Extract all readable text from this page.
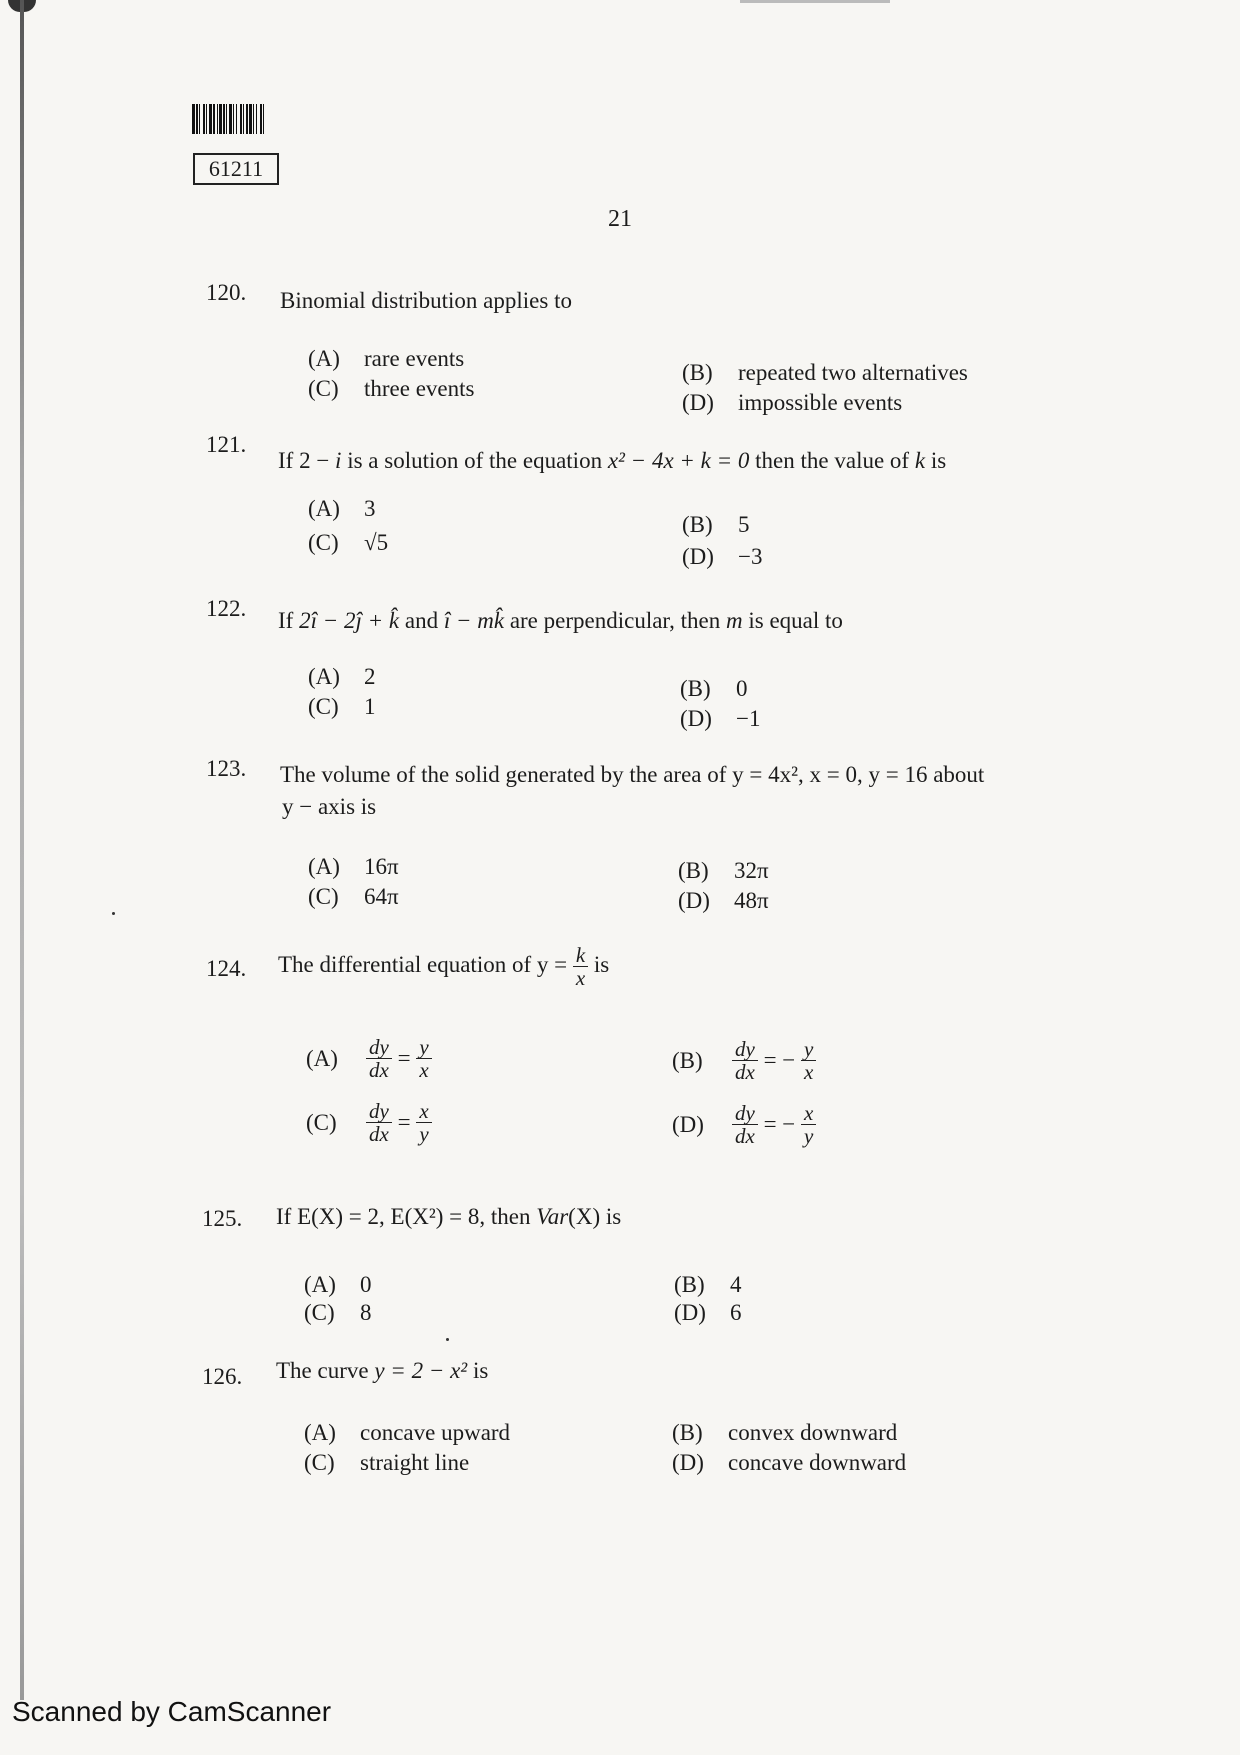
61211
21
120. Binomial distribution applies to
(A) rare events
(C) three events
(B) repeated two alternatives
(D) impossible events
121.
If 2 − i is a solution of the equation x² − 4x + k = 0 then the value of k is
(A) 3
(C) √5
(B) 5
(D) −3
122. If 2î − 2ĵ + k̂ and î − mk̂ are perpendicular, then m is equal to
(A) 2
(C) 1
(B) 0
(D) −1
123. The volume of the solid generated by the area of y = 4x², x = 0, y = 16 about
y − axis is
(A) 16π
(C) 64π
(B) 32π
(D) 48π
124. The differential equation of $y = \frac{k}{x}$ is
$(A) \frac{dy}{dx} = \frac{y}{x}$
$(C) \frac{dy}{dx} = \frac{x}{y}$
$(B) \frac{dy}{dx}$ = − $\frac{y}{x}$
$(D) \frac{dy}{dx}$ = − $\frac{x}{y}$
125. If E(X) = 2, E(X²) = 8, then Var(X) is
(A) 0
(C) 8
(B) 4
(D) 6
126. The curve y = 2 − x² is
(A) concave upward
(C) straight line
(B) convex downward
(D) concave downward
Scanned by CamScanner
